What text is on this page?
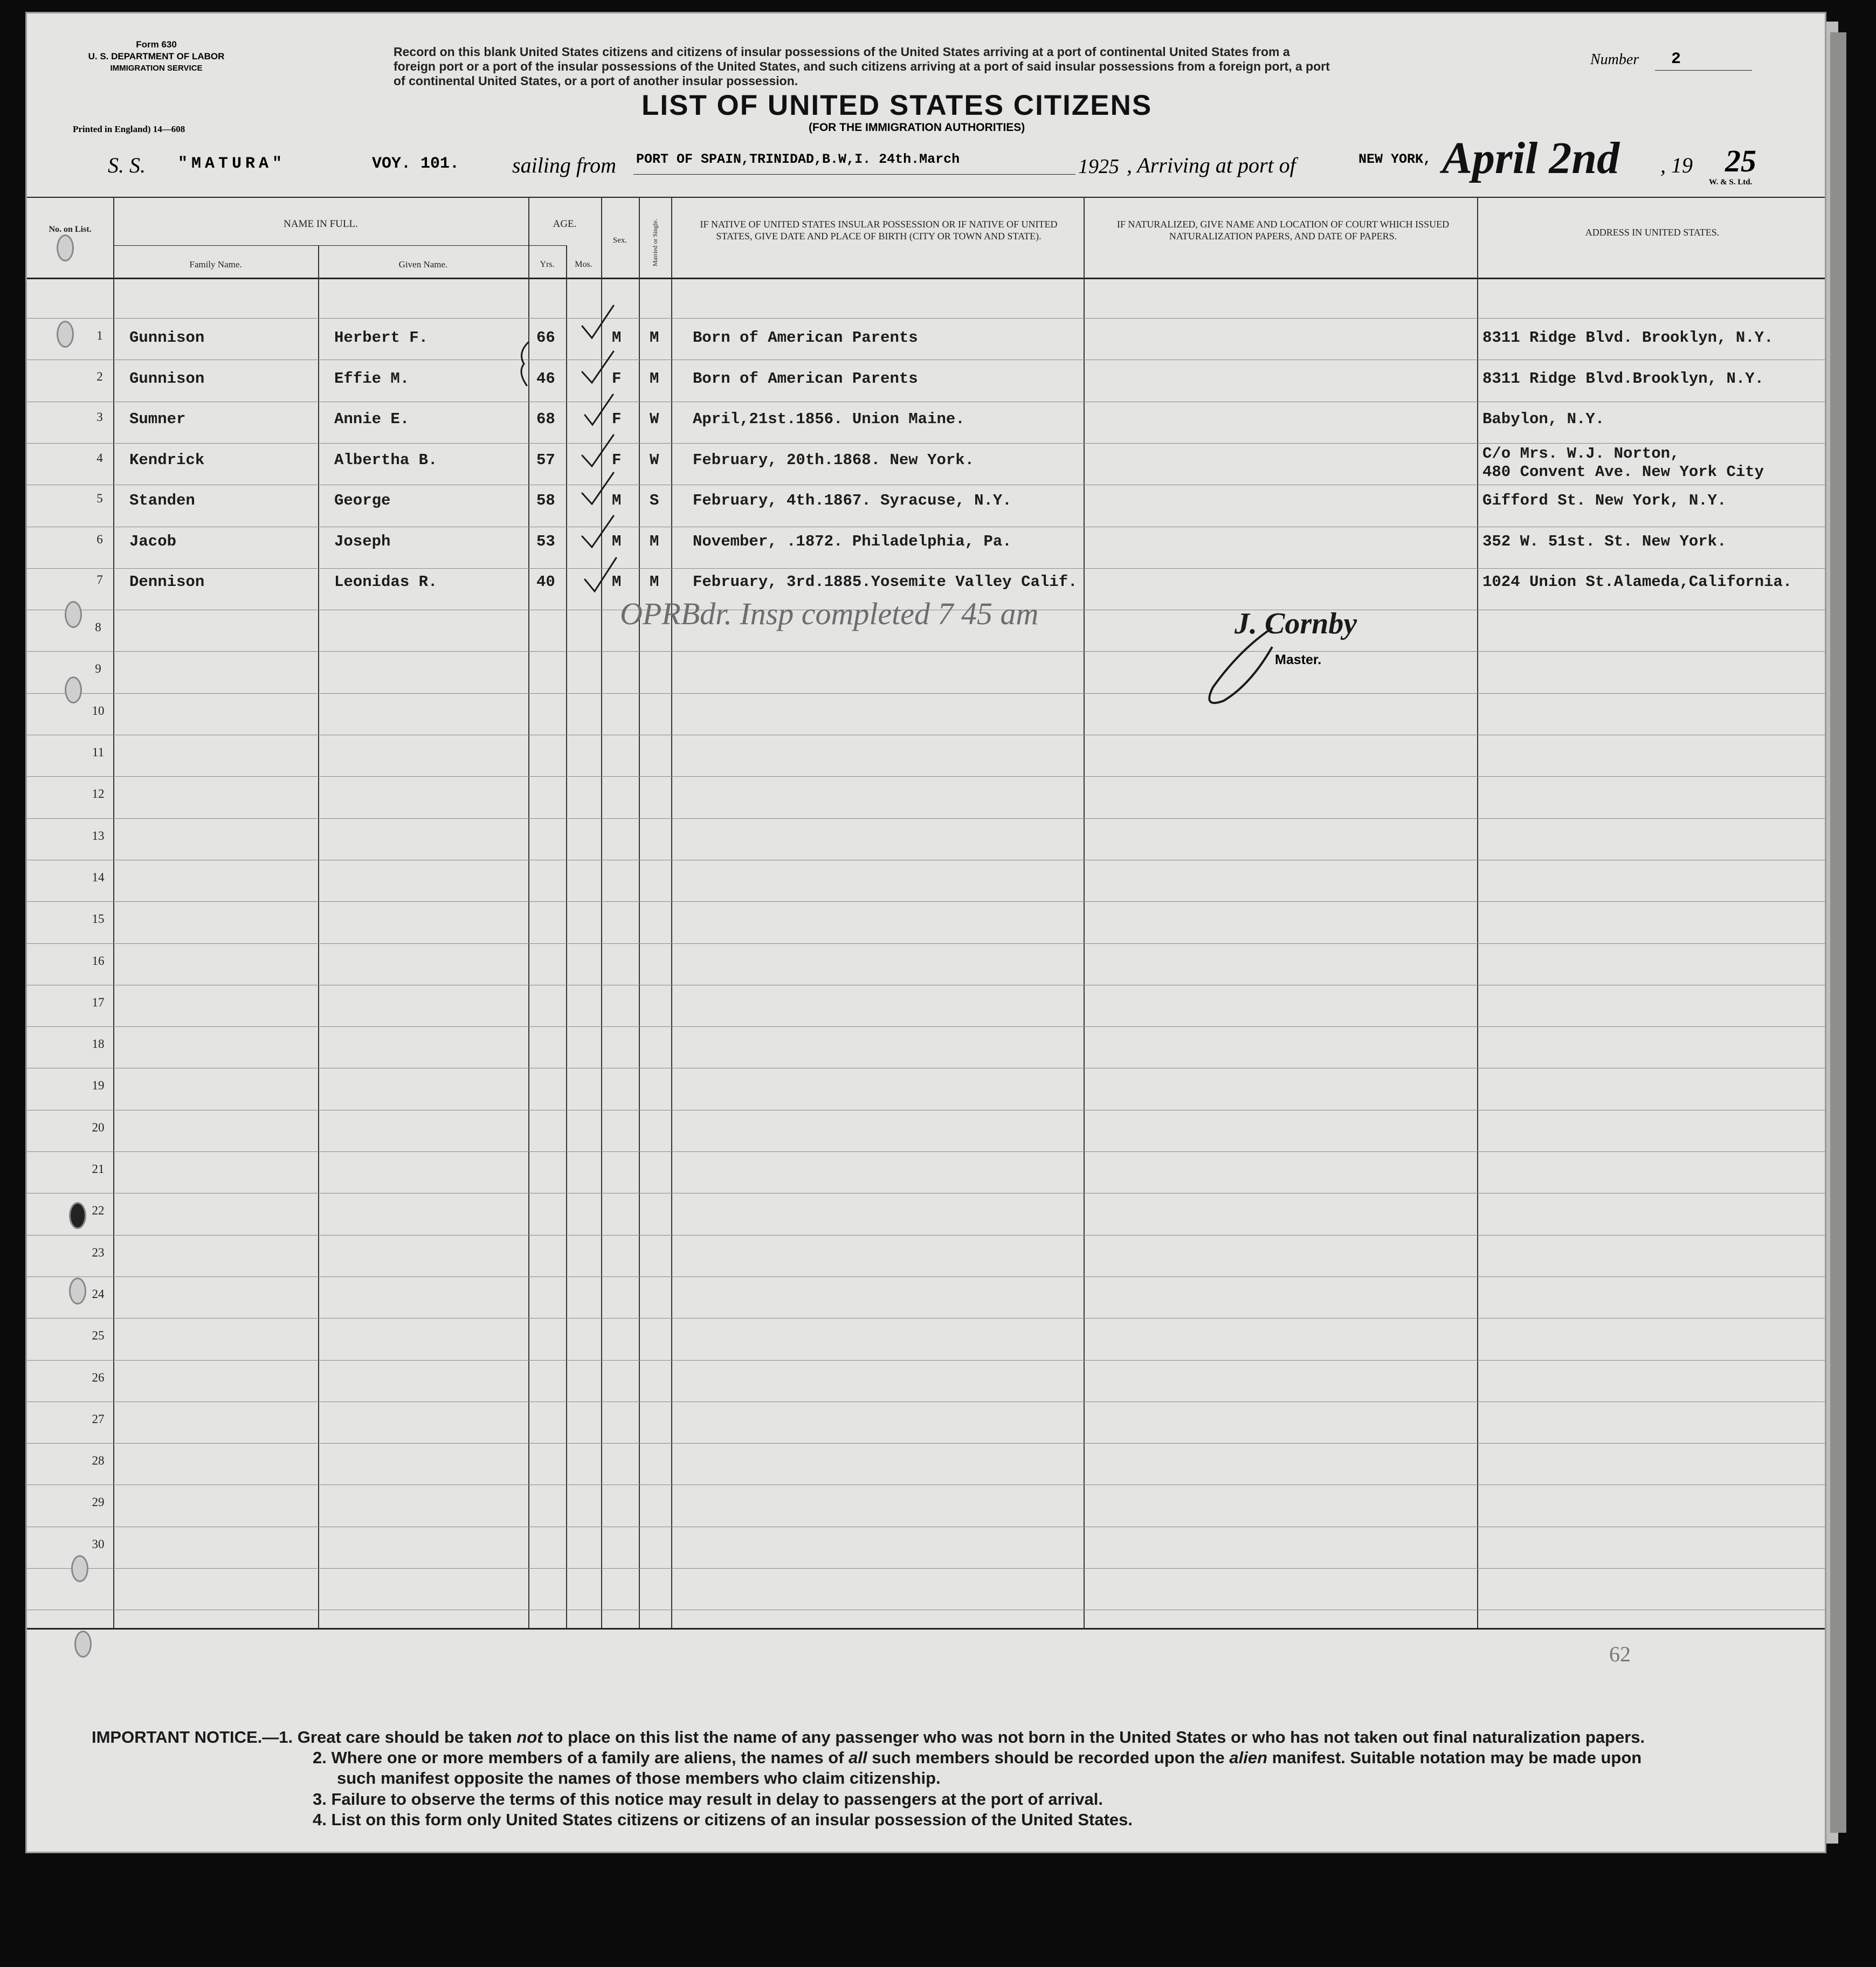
Form 630
U. S. DEPARTMENT OF LABOR
IMMIGRATION SERVICE
Printed in England) 14—608
Record on this blank United States citizens and citizens of insular possessions of the United States arriving at a port of continental United States from a
foreign port or a port of the insular possessions of the United States, and such citizens arriving at a port of said insular possessions from a foreign port, a port
of continental United States, or a port of another insular possession.
Number 2
LIST OF UNITED STATES CITIZENS
(FOR THE IMMIGRATION AUTHORITIES)
S. S. "MATURA"	VOY. 101. sailing from PORT OF SPAIN,TRINIDAD,B.W,I. 24th.March	1925 , Arriving at port of	NEW YORK, April 2nd , 19 25
W. & S. Ltd.
No. on List.	NAME IN FULL.
Family Name.	Given Name.
AGE.
Yrs.	Mos.
Sex.	Married or Single.	IF NATIVE OF UNITED STATES INSULAR POSSESSION OR IF NATIVE OF UNITED STATES, GIVE DATE AND PLACE OF BIRTH (CITY OR TOWN AND STATE).
IF NATURALIZED, GIVE NAME AND LOCATION OF COURT WHICH ISSUED NATURALIZATION PAPERS, AND DATE OF PAPERS.	ADDRESS IN UNITED STATES.
1	Gunnison	Herbert F.	66	M M Born of American Parents	8311 Ridge Blvd. Brooklyn, N.Y.
2	Gunnison	Effie M.	46	F M Born of American Parents	8311 Ridge Blvd.Brooklyn, N.Y.
3	Sumner	Annie E.	68	F W April,21st.1856. Union Maine.	Babylon, N.Y.
4	Kendrick	Albertha B.	57	F W February, 20th.1868. New York.	C/o Mrs. W.J. Norton,
480 Convent Ave. New York City
5	Standen	George	58	M S February, 4th.1867. Syracuse, N.Y.	Gifford St. New York, N.Y.
6	Jacob	Joseph	53	M M November, .1872. Philadelphia, Pa.	352 W. 51st. St. New York.
7	Dennison	Leonidas R.	40	M M February, 3rd.1885.Yosemite Valley Calif.	1024 Union St.Alameda,California.
8
9
10
11
12
13
14
15
16
17
18
19
20
21
22
23
24
25
26
27
28
29
30
OPRBdr. Insp completed 7 45 am	J. Cornby
Master.
62
IMPORTANT NOTICE.—1. Great care should be taken not to place on this list the name of any passenger who was not born in the United States or who has not taken out final naturalization papers.
2. Where one or more members of a family are aliens, the names of all such members should be recorded upon the alien manifest. Suitable notation may be made upon
such manifest opposite the names of those members who claim citizenship.
3. Failure to observe the terms of this notice may result in delay to passengers at the port of arrival.
4. List on this form only United States citizens or citizens of an insular possession of the United States.
